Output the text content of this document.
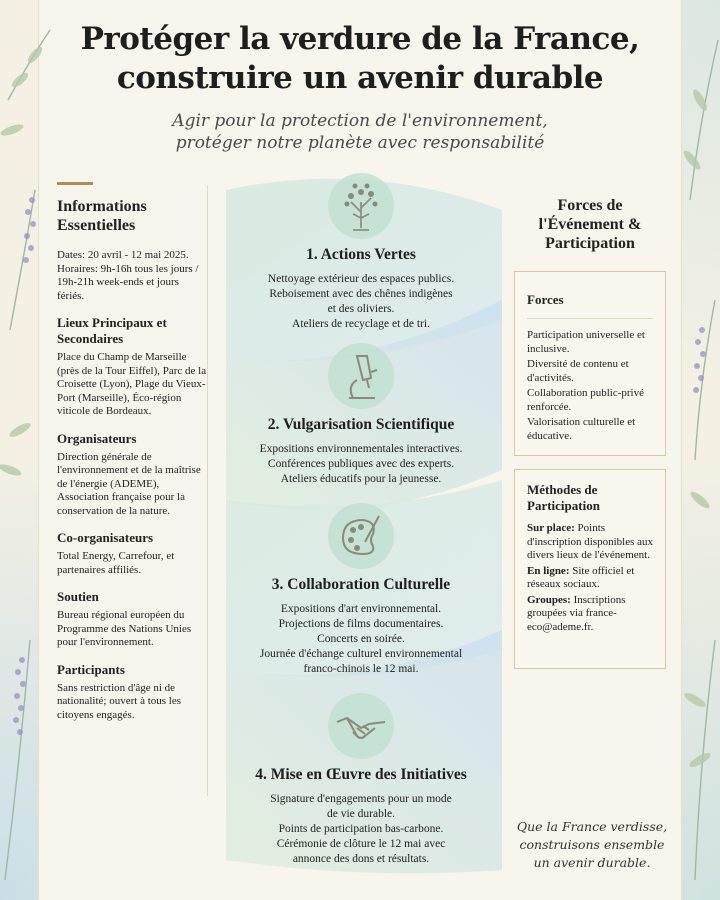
Protéger la verdure de la France,
construire un avenir durable
Agir pour la protection de l'environnement,
protéger notre planète avec responsabilité
Informations Essentielles

Dates: 20 avril - 12 mai 2025. Horaires: 9h-16h tous les jours / 19h-21h week-ends et jours fériés.

Lieux Principaux et Secondaires

Place du Champ de Marseille (près de la Tour Eiffel), Parc de la Croisette (Lyon), Plage du Vieux-Port (Marseille), Éco-région viticole de Bordeaux.

Organisateurs

Direction générale de l'environnement et de la maîtrise de l'énergie (ADEME), Association française pour la conservation de la nature.

Co-organisateurs

Total Energy, Carrefour, et partenaires affiliés.

Soutien

Bureau régional européen du Programme des Nations Unies pour l'environnement.

Participants

Sans restriction d'âge ni de nationalité; ouvert à tous les citoyens engagés.

1. Actions Vertes

Nettoyage extérieur des espaces publics.
Reboisement avec des chênes indigènes
et des oliviers.
Ateliers de recyclage et de tri.

2. Vulgarisation Scientifique

Expositions environnementales interactives.
Conférences publiques avec des experts.
Ateliers éducatifs pour la jeunesse.

3. Collaboration Culturelle

Expositions d'art environnemental.
Projections de films documentaires.
Concerts en soirée.
Journée d'échange culturel environnemental
franco-chinois le 12 mai.

4. Mise en Œuvre des Initiatives

Signature d'engagements pour un mode
de vie durable.
Points de participation bas-carbone.
Cérémonie de clôture le 12 mai avec
annonce des dons et résultats.

Forces de l'Événement & Participation
Forces

Participation universelle et inclusive.

Diversité de contenu et d'activités.

Collaboration public-privé renforcée.

Valorisation culturelle et éducative.

Méthodes de Participation

Sur place: Points d'inscription disponibles aux divers lieux de l'événement.

En ligne: Site officiel et réseaux sociaux.

Groupes: Inscriptions groupées via france-eco@ademe.fr.

Que la France verdisse,
construisons ensemble
un avenir durable.
